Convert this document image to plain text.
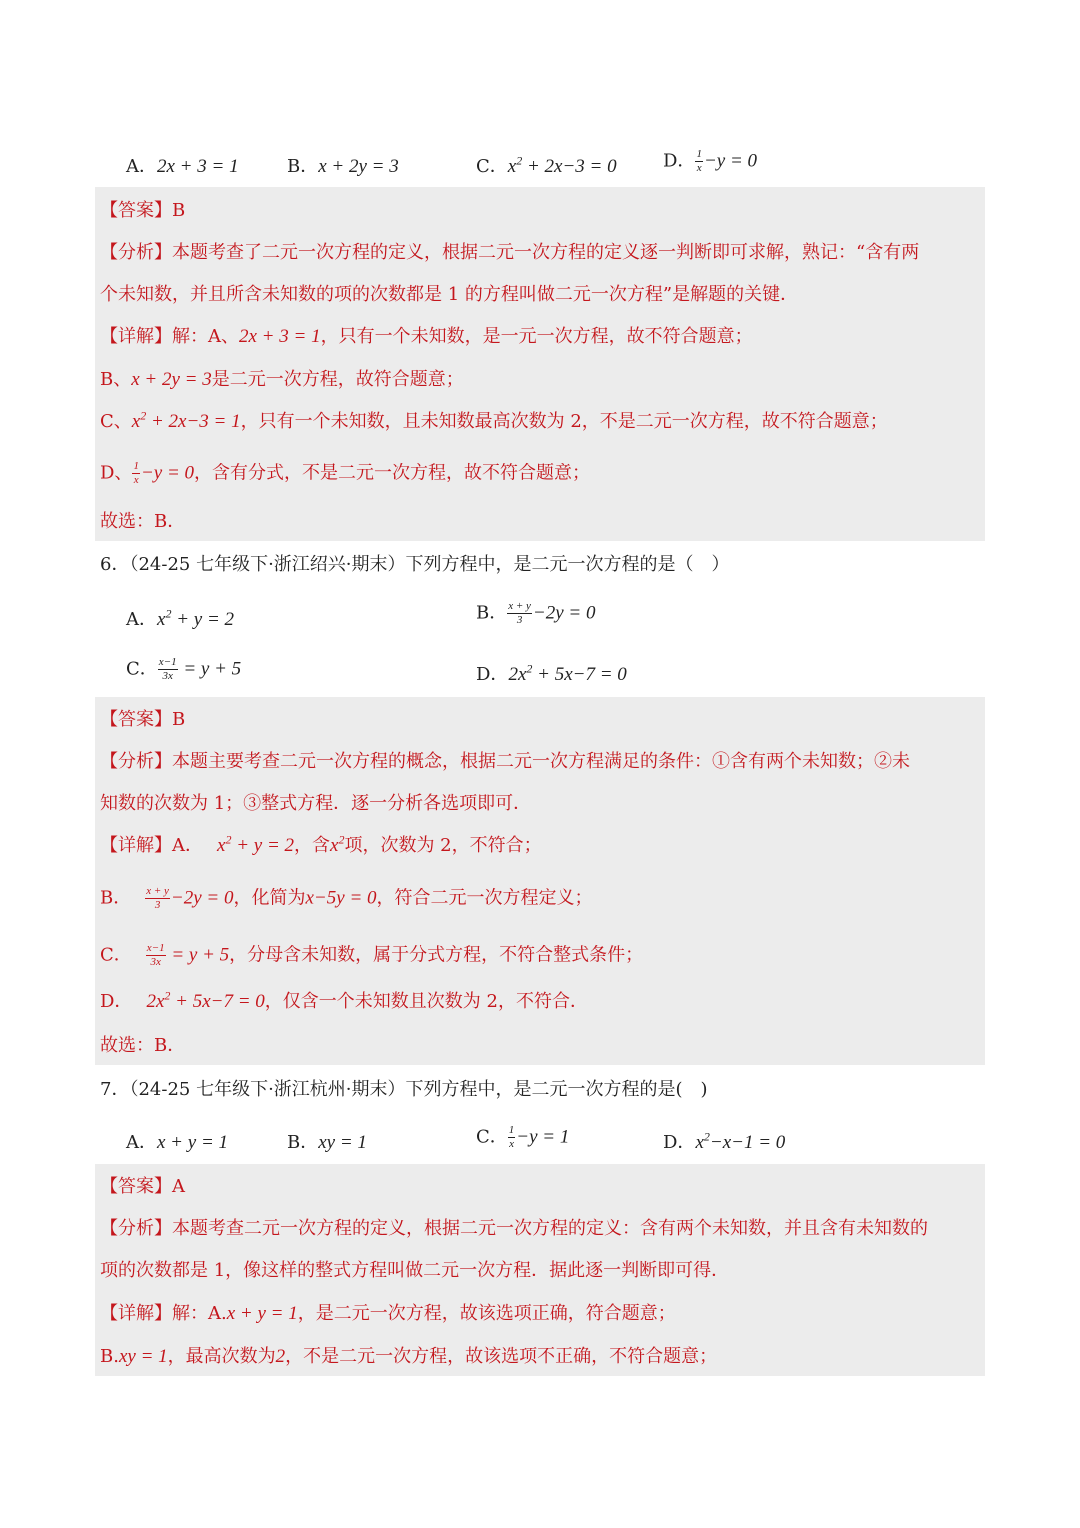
A．2x + 3 = 1	B．x + 2y = 3	C．$x^2 + 2x-3 = 0$	D． $\frac{1}{x} -y = 0$
【答案】B
【分析】本题考查了二元一次方程的定义，根据二元一次方程的定义逐一判断即可求解，熟记：“含有两
个未知数，并且所含未知数的项的次数都是 1 的方程叫做二元一次方程”是解题的关键．
【详解】解：A、2x + 3 = 1，只有一个未知数，是一元一次方程，故不符合题意；
B、x + 2y = 3是二元一次方程，故符合题意；
C、$x^2 + 2x-3 = 1$，只有一个未知数，且未知数最高次数为 2，不是二元一次方程，故不符合题意；
D、 $\frac{1}{x} -y = 0$，含有分式，不是二元一次方程，故不符合题意；
故选：B．
6．（24-25 七年级下·浙江绍兴·期末）下列方程中，是二元一次方程的是（　）
A．$x^2 + y = 2$	B． $\frac{x + y}{3} -2y = 0$
C． $\frac{x-1}{3x} = y + 5$	D．$2x^2 + 5x-7 = 0$
【答案】B
【分析】本题主要考查二元一次方程的概念，根据二元一次方程满足的条件：①含有两个未知数；②未
知数的次数为 1；③整式方程．逐一分析各选项即可．
【详解】A． $x^2 + y = 2$，含$x^2$项，次数为 2，不符合；
B． $\frac{x + y}{3} -2y = 0$，化简为x−5y = 0，符合二元一次方程定义；
C． $\frac{x-1}{3x} = y + 5$，分母含未知数，属于分式方程，不符合整式条件；
D． $2x^2 + 5x-7 = 0$，仅含一个未知数且次数为 2，不符合．
故选：B．
7．（24-25 七年级下·浙江杭州·期末）下列方程中，是二元一次方程的是(　)
A．x + y = 1	B．xy = 1	C． $\frac{1}{x} -y = 1$	D．$x^2-x-1 = 0$
【答案】A
【分析】本题考查二元一次方程的定义，根据二元一次方程的定义：含有两个未知数，并且含有未知数的
项的次数都是 1，像这样的整式方程叫做二元一次方程．据此逐一判断即可得．
【详解】解：A.x + y = 1，是二元一次方程，故该选项正确，符合题意；
B.xy = 1，最高次数为2，不是二元一次方程，故该选项不正确，不符合题意；
